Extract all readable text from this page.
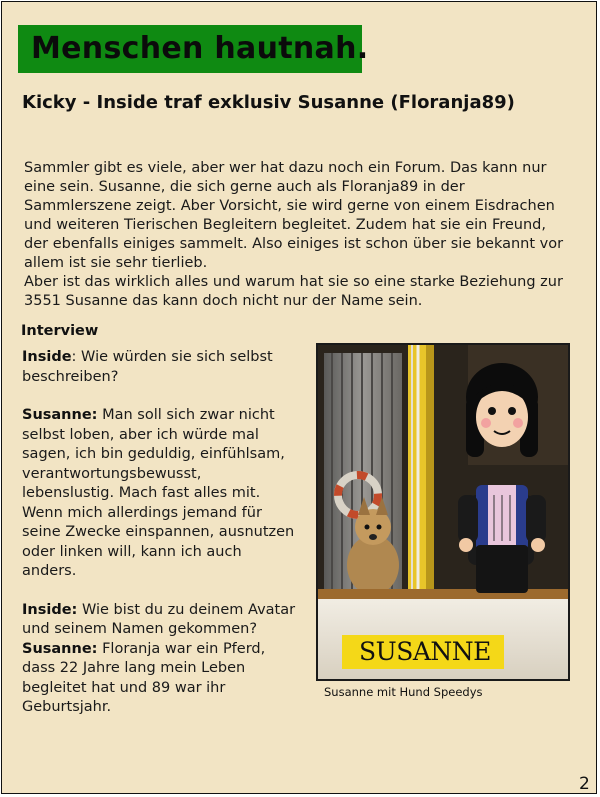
Menschen hautnah.
Kicky - Inside traf exklusiv Susanne (Floranja89)

Sammler gibt es viele, aber wer hat dazu noch ein Forum. Das kann nur eine sein. Susanne, die sich gerne auch als Floranja89 in der Sammlerszene zeigt. Aber Vorsicht, sie wird gerne von einem Eisdrachen und weiteren Tierischen Begleitern begleitet. Zudem hat sie ein Freund, der ebenfalls einiges sammelt. Also einiges ist schon über sie bekannt vor allem ist sie sehr tierlieb.

Aber ist das wirklich alles und warum hat sie so eine starke Beziehung zur 3551 Susanne das kann doch nicht nur der Name sein.

Interview

Inside: Wie würden sie sich selbst beschreiben?

Susanne: Man soll sich zwar nicht selbst loben, aber ich würde mal sagen, ich bin geduldig, einfühlsam, verantwortungsbewusst, lebenslustig. Mach fast alles mit. Wenn mich allerdings jemand für seine Zwecke einspannen, ausnutzen oder linken will, kann ich auch anders.

Inside: Wie bist du zu deinem Avatar und seinem Namen gekommen?

Susanne: Floranja war ein Pferd, dass 22 Jahre lang mein Leben begleitet hat und 89 war ihr Geburtsjahr.

SUSANNE
Susanne mit Hund Speedys
2
